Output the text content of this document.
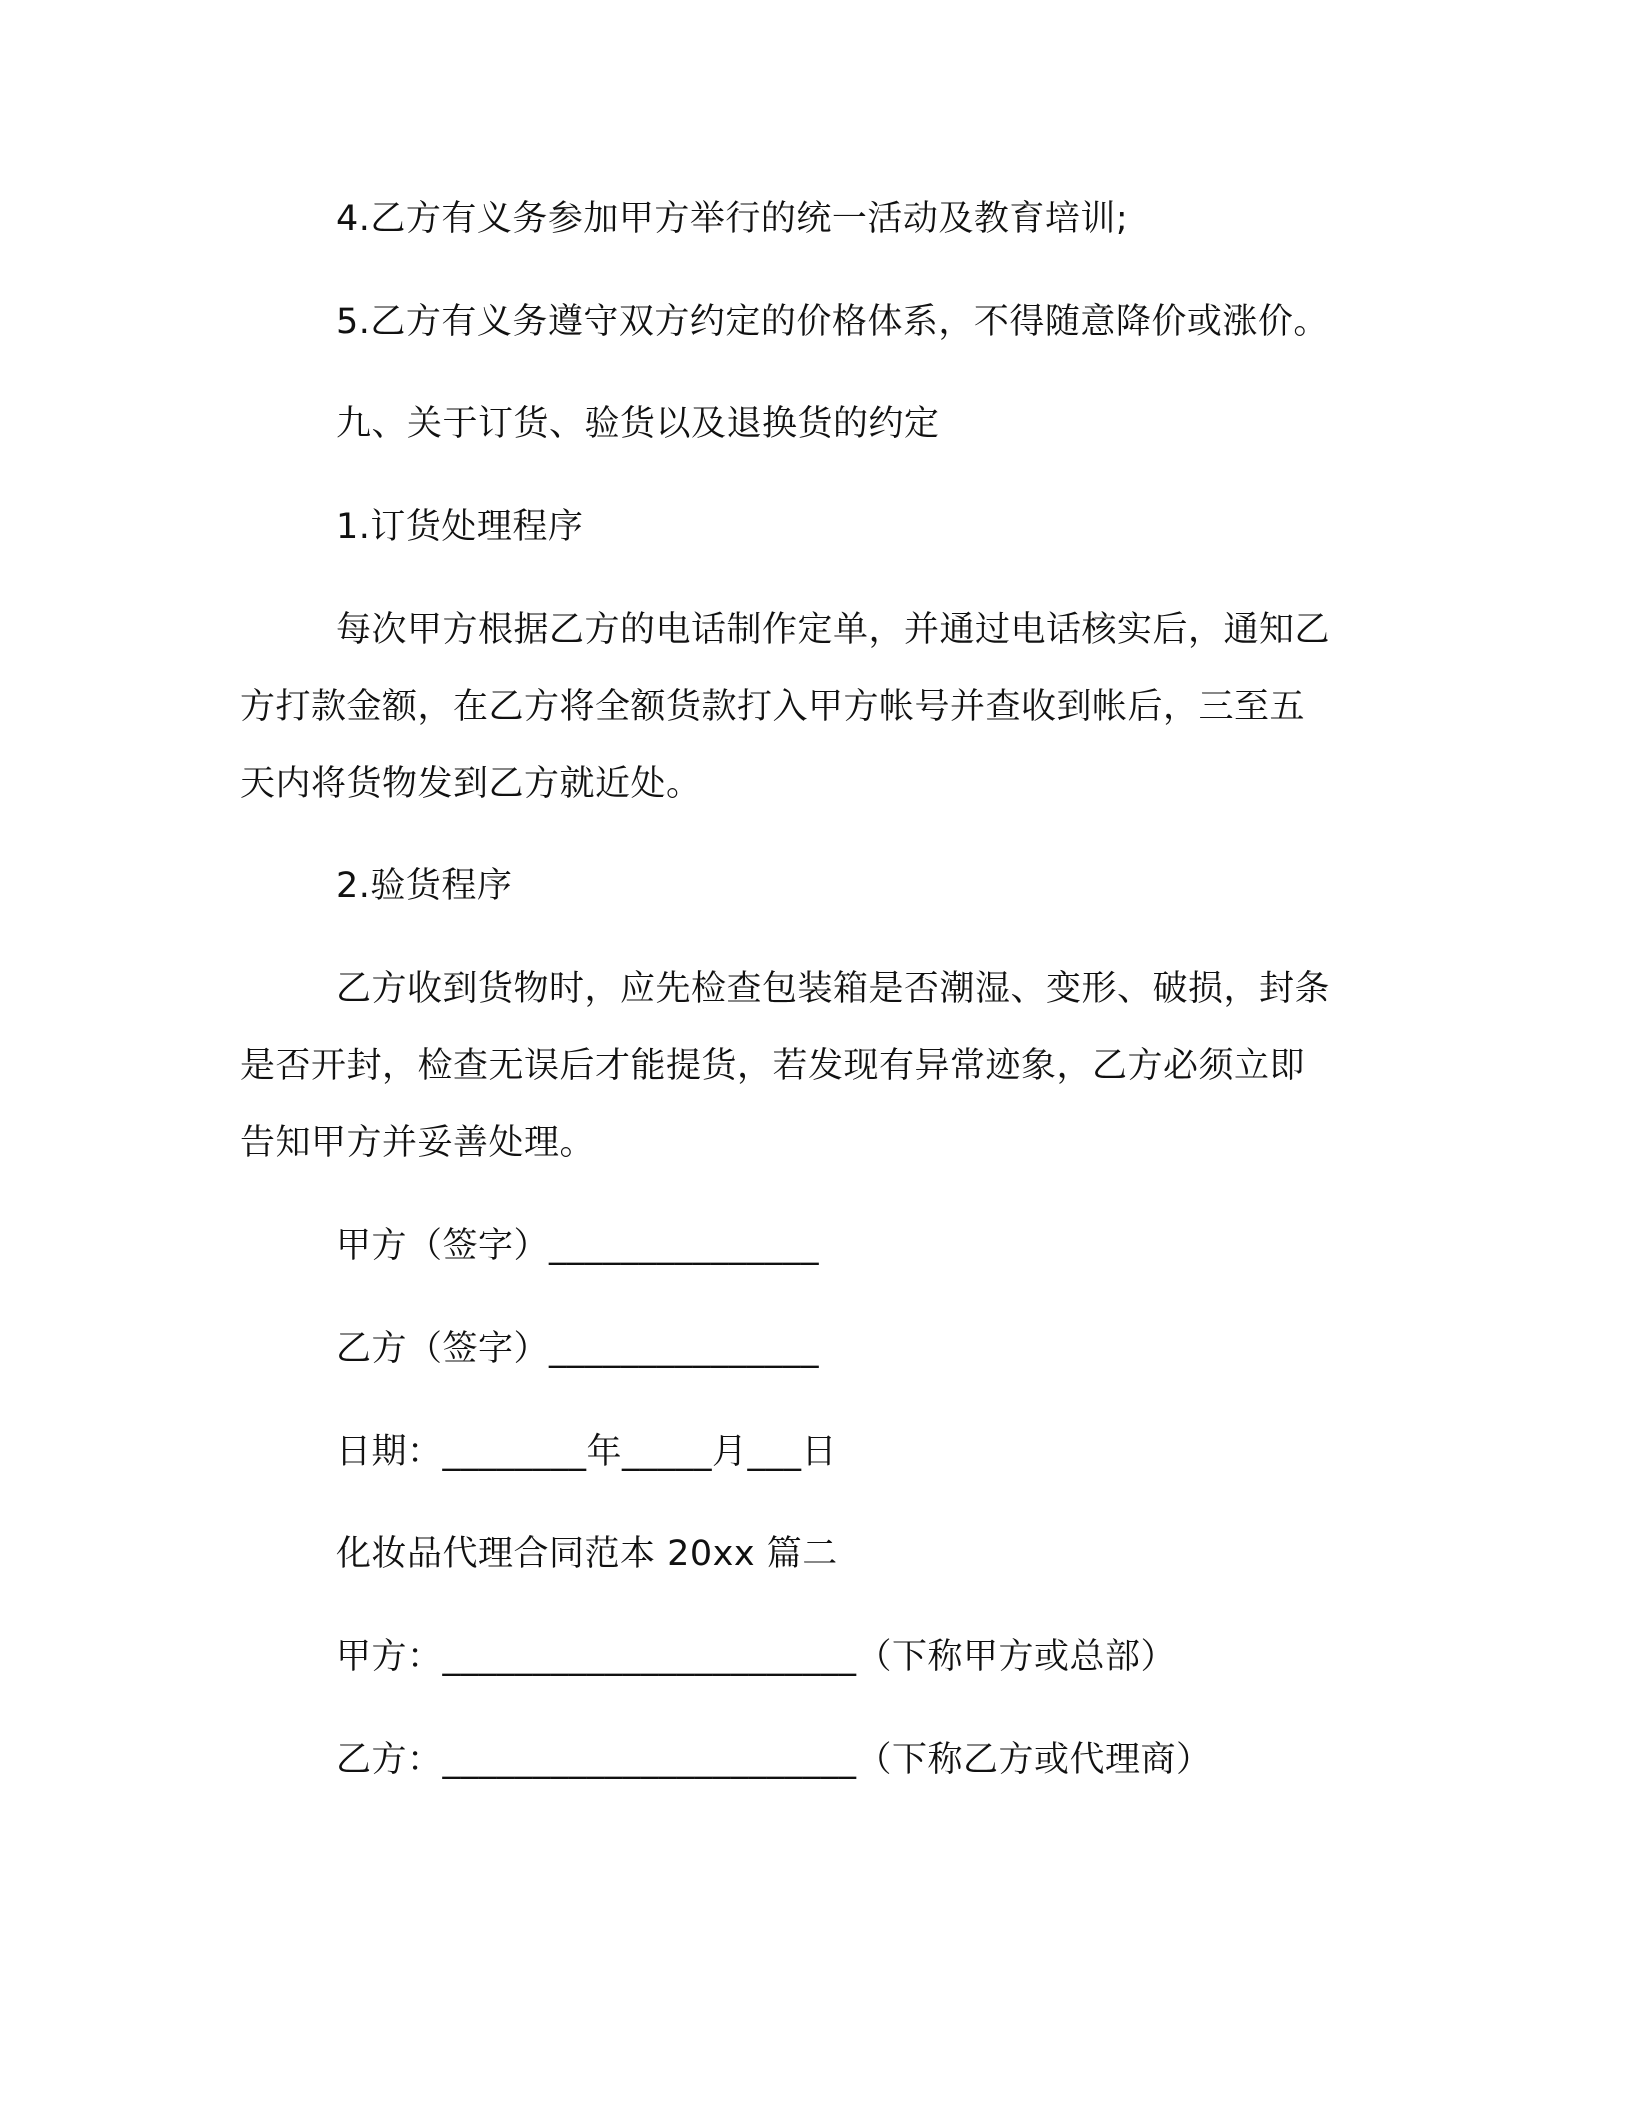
4.乙方有义务参加甲方举行的统一活动及教育培训;
5.乙方有义务遵守双方约定的价格体系，不得随意降价或涨价。
九、关于订货、验货以及退换货的约定
1.订货处理程序
每次甲方根据乙方的电话制作定单，并通过电话核实后，通知乙
方打款金额，在乙方将全额货款打入甲方帐号并查收到帐后，三至五
天内将货物发到乙方就近处。
2.验货程序
乙方收到货物时，应先检查包装箱是否潮湿、变形、破损，封条
是否开封，检查无误后才能提货，若发现有异常迹象，乙方必须立即
告知甲方并妥善处理。
甲方（签字）_______________
乙方（签字）_______________
日期：________年_____月___日
化妆品代理合同范本 20xx 篇二
甲方：_______________________（下称甲方或总部）
乙方：_______________________（下称乙方或代理商）
